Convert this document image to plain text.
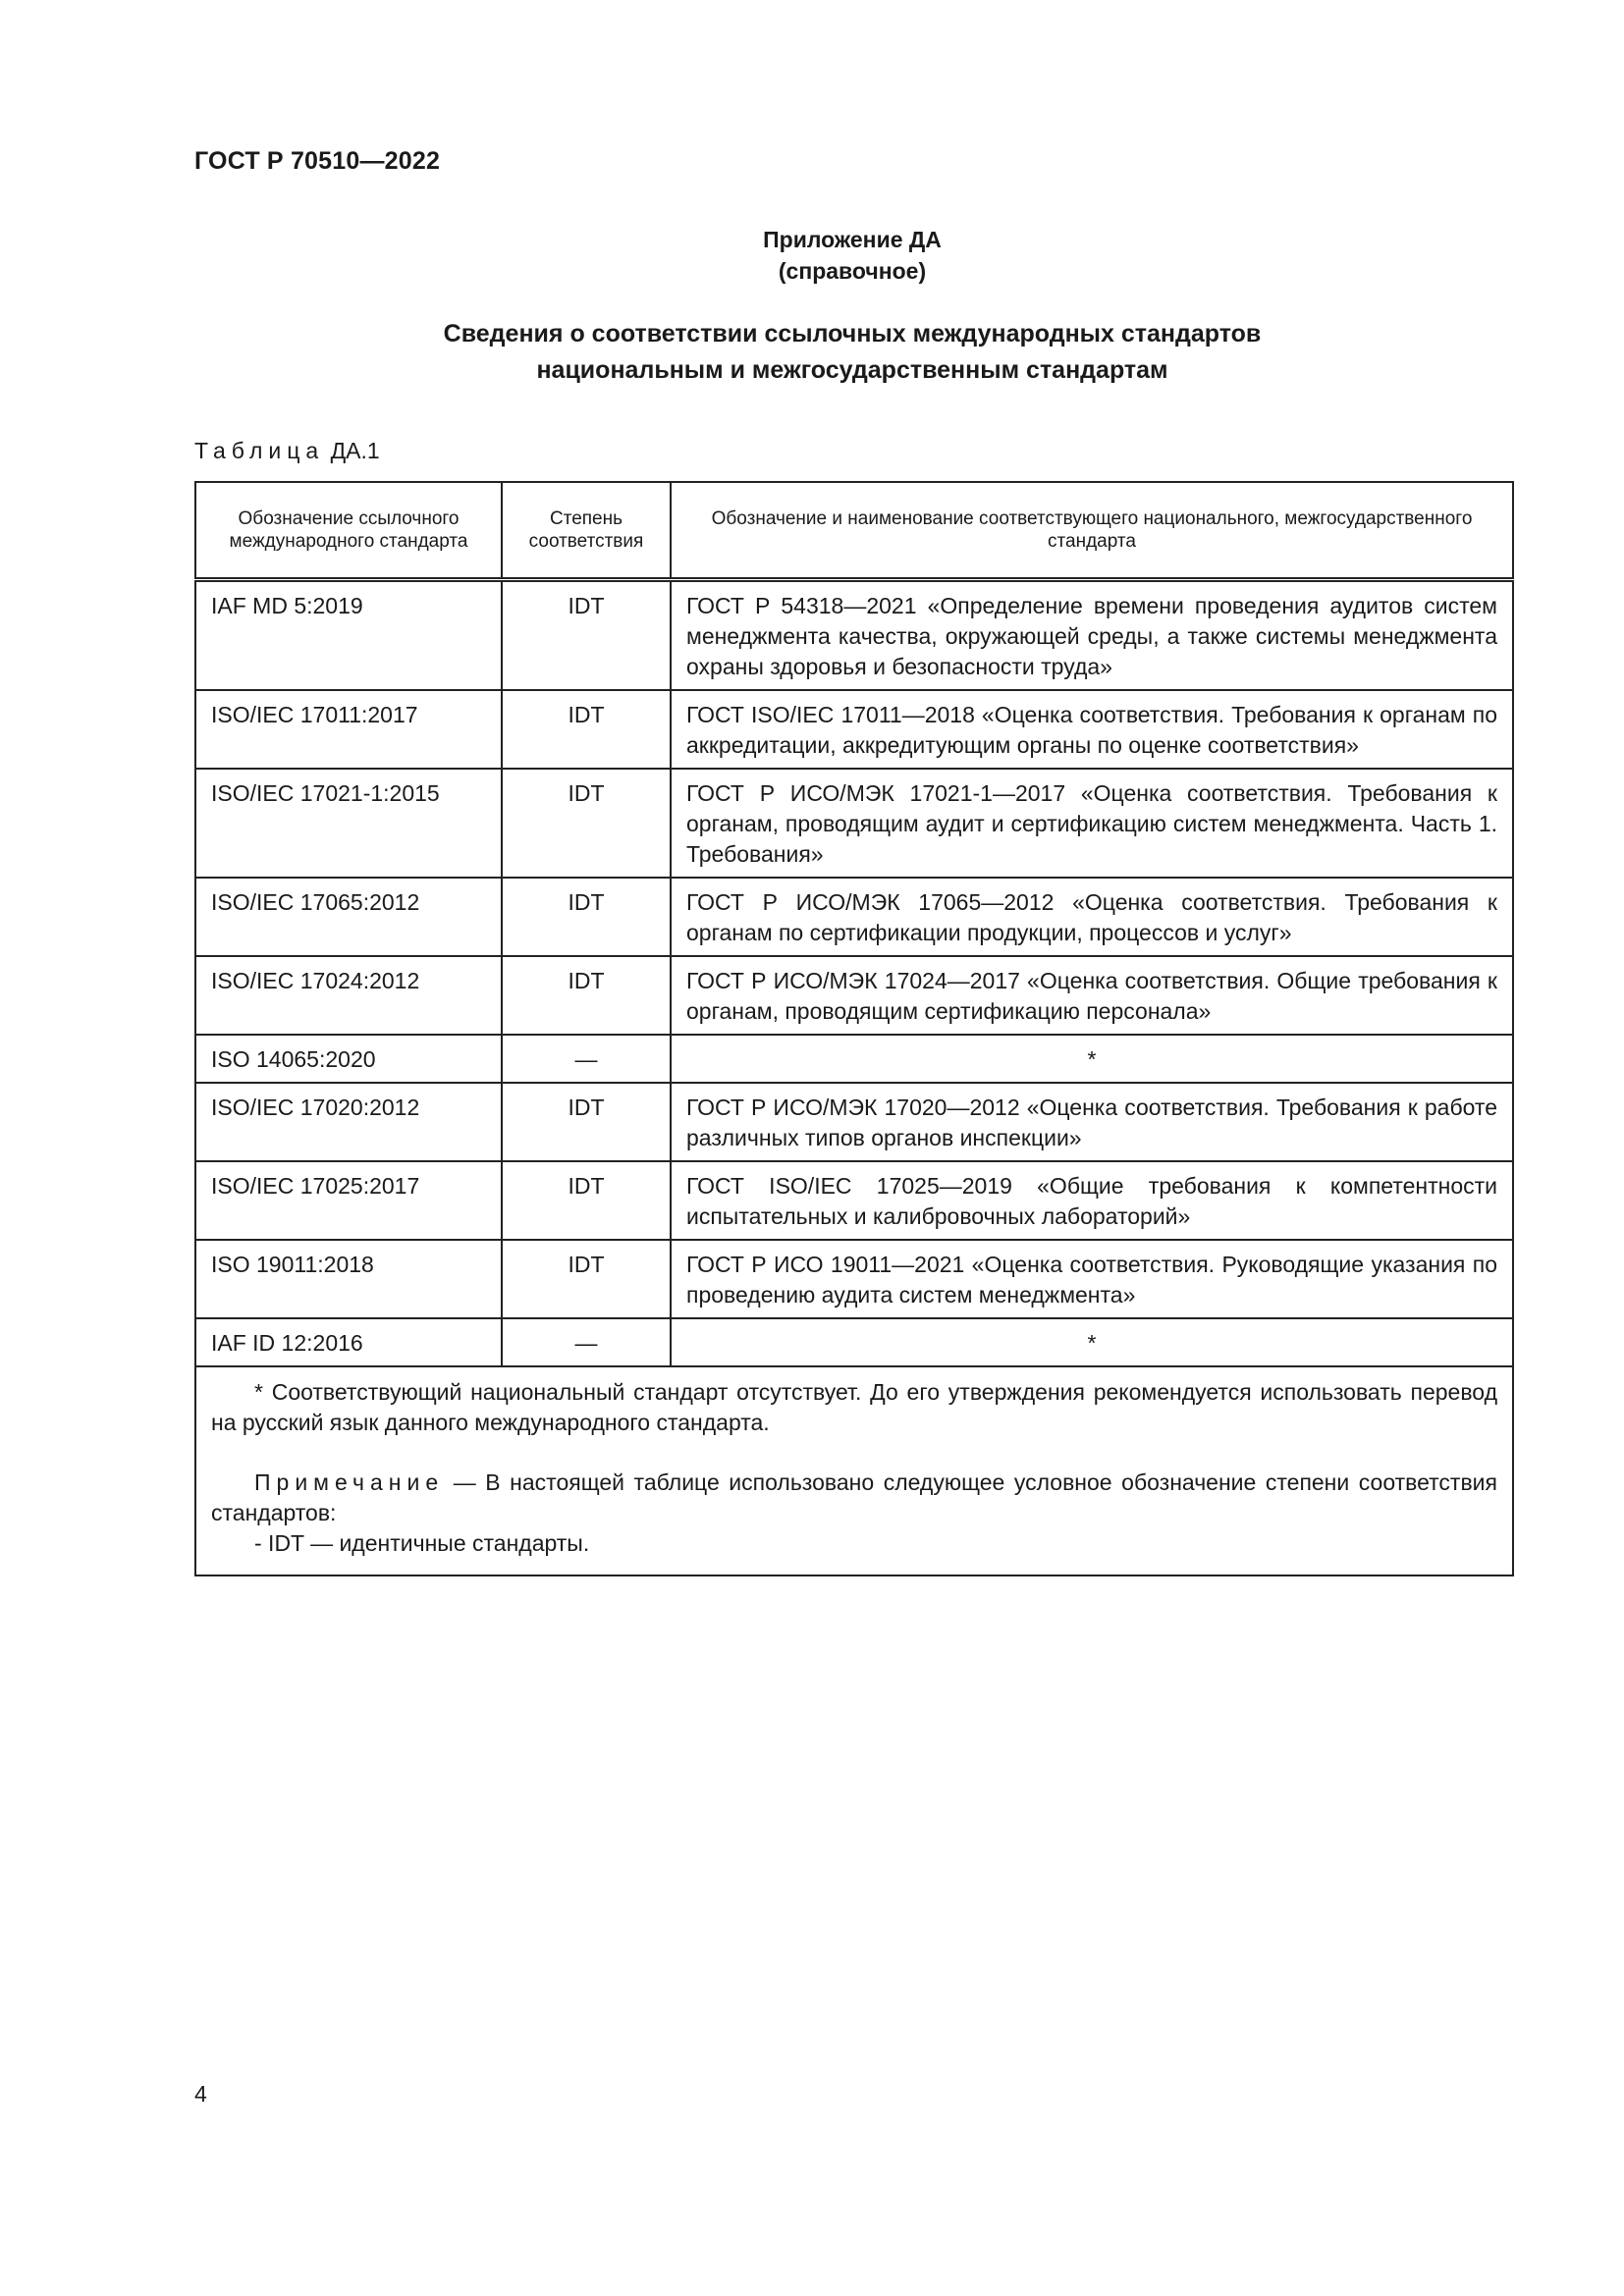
ГОСТ Р 70510—2022
Приложение ДА
(справочное)
Сведения о соответствии ссылочных международных стандартов
национальным и межгосударственным стандартам
Таблица ДА.1
Обозначение ссылочного международного стандарта	Степень соответствия	Обозначение и наименование соответствующего национального, межгосударственного стандарта
IAF MD 5:2019	IDT	ГОСТ Р 54318—2021 «Определение времени проведения аудитов систем менеджмента качества, окружающей среды, а также системы менеджмента охраны здоровья и безопасности труда»
ISO/IEC 17011:2017	IDT	ГОСТ ISO/IEC 17011—2018 «Оценка соответствия. Требования к органам по аккредитации, аккредитующим органы по оценке соответствия»
ISO/IEC 17021-1:2015	IDT	ГОСТ Р ИСО/МЭК 17021-1—2017 «Оценка соответствия. Требования к органам, проводящим аудит и сертификацию систем менеджмента. Часть 1. Требования»
ISO/IEC 17065:2012	IDT	ГОСТ Р ИСО/МЭК 17065—2012 «Оценка соответствия. Требования к органам по сертификации продукции, процессов и услуг»
ISO/IEC 17024:2012	IDT	ГОСТ Р ИСО/МЭК 17024—2017 «Оценка соответствия. Общие требования к органам, проводящим сертификацию персонала»
ISO 14065:2020	—	*
ISO/IEC 17020:2012	IDT	ГОСТ Р ИСО/МЭК 17020—2012 «Оценка соответствия. Требования к работе различных типов органов инспекции»
ISO/IEC 17025:2017	IDT	ГОСТ ISO/IEC 17025—2019 «Общие требования к компетентности испытательных и калибровочных лабораторий»
ISO 19011:2018	IDT	ГОСТ Р ИСО 19011—2021 «Оценка соответствия. Руководящие указания по проведению аудита систем менеджмента»
IAF ID 12:2016	—	*

* Соответствующий национальный стандарт отсутствует. До его утверждения рекомендуется использовать перевод на русский язык данного международного стандарта.

Примечание — В настоящей таблице использовано следующее условное обозначение степени соответствия стандартов:

- IDT — идентичные стандарты.		
4
